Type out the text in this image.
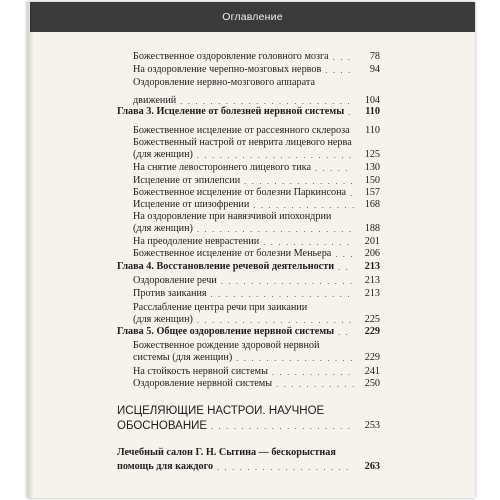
Оглавление
Божественное оздоровление головного мозга . . .	78
На оздоровление черепно-мозговых нервов . . . .	94
Оздоровление нервно-мозгового аппарата
движений . . . . . . . . . . . . . . . . . . . . . . .	104
Глава 3. Исцеление от болезней нервной системы .	110
Божественное исцеление от рассеянного склероза	110
Божественный настрой от неврита лицевого нерва
(для женщин) . . . . . . . . . . . . . . . . . . . . .	125
На снятие левостороннего лицевого тика . . . . .	130
Исцеление от эпилепсии . . . . . . . . . . . . . . .	150
Божественное исцеление от болезни Паркинсона .	157
Исцеление от шизофрении . . . . . . . . . . . . . . 168
На оздоровление при навязчивой ипохондрии
(для женщин) . . . . . . . . . . . . . . . . . . . . .	188
На преодоление неврастении . . . . . . . . . . . .	201
Божественное исцеление от болезни Меньера . . .	206
Глава 4. Восстановление речевой деятельности . .	213
Оздоровление речи . . . . . . . . . . . . . . . . . .	213
Против заикания . . . . . . . . . . . . . . . . . . .	213
Расслабление центра речи при заикании
(для женщин) . . . . . . . . . . . . . . . . . . . . .	225
Глава 5. Общее оздоровление нервной системы . .	229
Божественное рождение здоровой нервной
системы (для женщин) . . . . . . . . . . . . . . . .	229
На стойкость нервной системы . . . . . . . . . . .	241
Оздоровление нервной системы . . . . . . . . . . . 250
ИСЦЕЛЯЮЩИЕ НАСТРОИ. НАУЧНОЕ
ОБОСНОВАНИЕ . . . . . . . . . . . . . . . . . . .	253
Лечебный салон Г. Н. Сытина — бескорыстная
помощь для каждого . . . . . . . . . . . . . . . . . .	263
